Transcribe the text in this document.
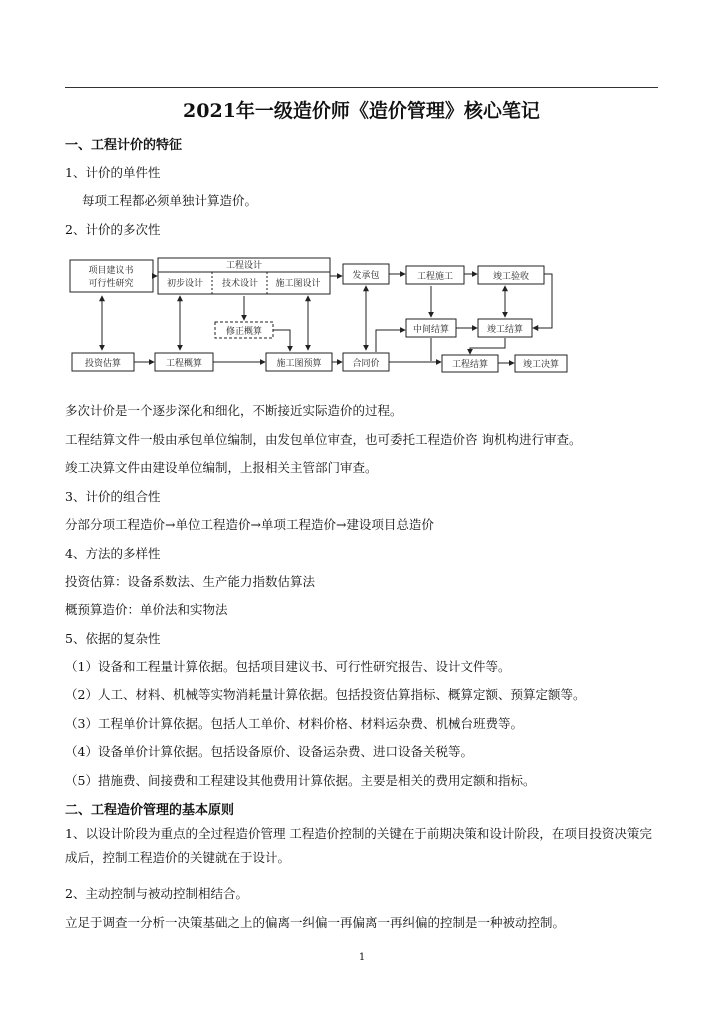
2021年一级造价师《造价管理》核心笔记
一、工程计价的特征
1、计价的单件性
每项工程都必须单独计算造价。
2、计价的多次性
项目建议书
可行性研究
工程设计
初步设计 技术设计 施工图设计
发承包	工程施工	竣工验收
修正概算	中间结算	竣工结算
投资估算	工程概算	施工图预算	合同价	工程结算	竣工决算
多次计价是一个逐步深化和细化，不断接近实际造价的过程。
工程结算文件一般由承包单位编制，由发包单位审查，也可委托工程造价咨 询机构进行审查。
竣工决算文件由建设单位编制，上报相关主管部门审查。
3、计价的组合性
分部分项工程造价→单位工程造价→单项工程造价→建设项目总造价
4、方法的多样性
投资估算：设备系数法、生产能力指数估算法
概预算造价：单价法和实物法
5、依据的复杂性
（1）设备和工程量计算依据。包括项目建议书、可行性研究报告、设计文件等。
（2）人工、材料、机械等实物消耗量计算依据。包括投资估算指标、概算定额、预算定额等。
（3）工程单价计算依据。包括人工单价、材料价格、材料运杂费、机械台班费等。
（4）设备单价计算依据。包括设备原价、设备运杂费、进口设备关税等。
（5）措施费、间接费和工程建设其他费用计算依据。主要是相关的费用定额和指标。
二、工程造价管理的基本原则
1、以设计阶段为重点的全过程造价管理 工程造价控制的关键在于前期决策和设计阶段，在项目投资决策完成后，控制工程造价的关键就在于设计。
2、主动控制与被动控制相结合。
立足于调查一分析一决策基础之上的偏离一纠偏一再偏离一再纠偏的控制是一种被动控制。
1
